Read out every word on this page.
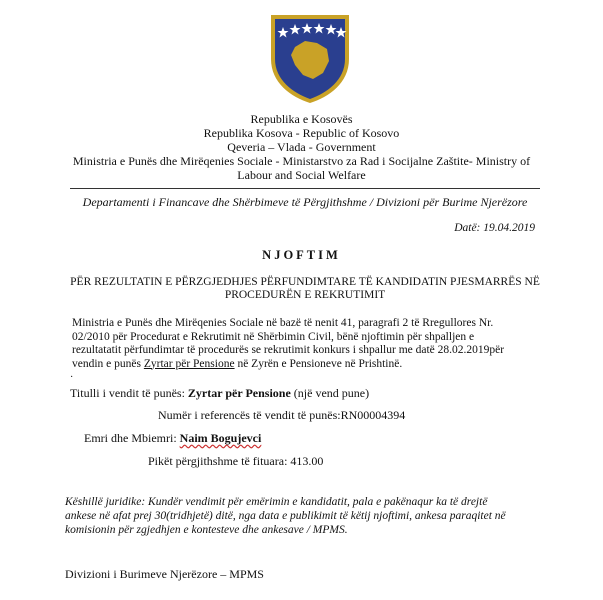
Republika e Kosovës
Republika Kosova - Republic of Kosovo
Qeveria – Vlada - Government
Ministria e Punës dhe Mirëqenies Sociale - Ministarstvo za Rad i Socijalne Zaštite- Ministry of
Labour and Social Welfare
Departamenti i Financave dhe Shërbimeve të Përgjithshme / Divizioni për Burime Njerëzore
Datë: 19.04.2019
NJOFTIM
PËR REZULTATIN E PËRZGJEDHJES PËRFUNDIMTARE TË KANDIDATIN PJESMARRËS NË
PROCEDURËN E REKRUTIMIT
Ministria e Punës dhe Mirëqenies Sociale në bazë të nenit 41, paragrafi 2 të Rregullores Nr.
02/2010 për Procedurat e Rekrutimit në Shërbimin Civil, bënë njoftimin për shpalljen e
rezultatatit përfundimtar të procedurës se rekrutimit konkurs i shpallur me datë 28.02.2019për
vendin e punës Zyrtar për Pensione në Zyrën e Pensioneve në Prishtinë.
·
Titulli i vendit të punës: Zyrtar për Pensione (një vend pune)
Numër i referencës të vendit të punës:RN00004394
Emri dhe Mbiemri: Naim Bogujevci
Pikët përgjithshme të fituara: 413.00
Këshillë juridike: Kundër vendimit për emërimin e kandidatit, pala e pakënaqur ka të drejtë
ankese në afat prej 30(tridhjetë) ditë, nga data e publikimit të këtij njoftimi, ankesa paraqitet në
komisionin për zgjedhjen e kontesteve dhe ankesave / MPMS.
Divizioni i Burimeve Njerëzore – MPMS
